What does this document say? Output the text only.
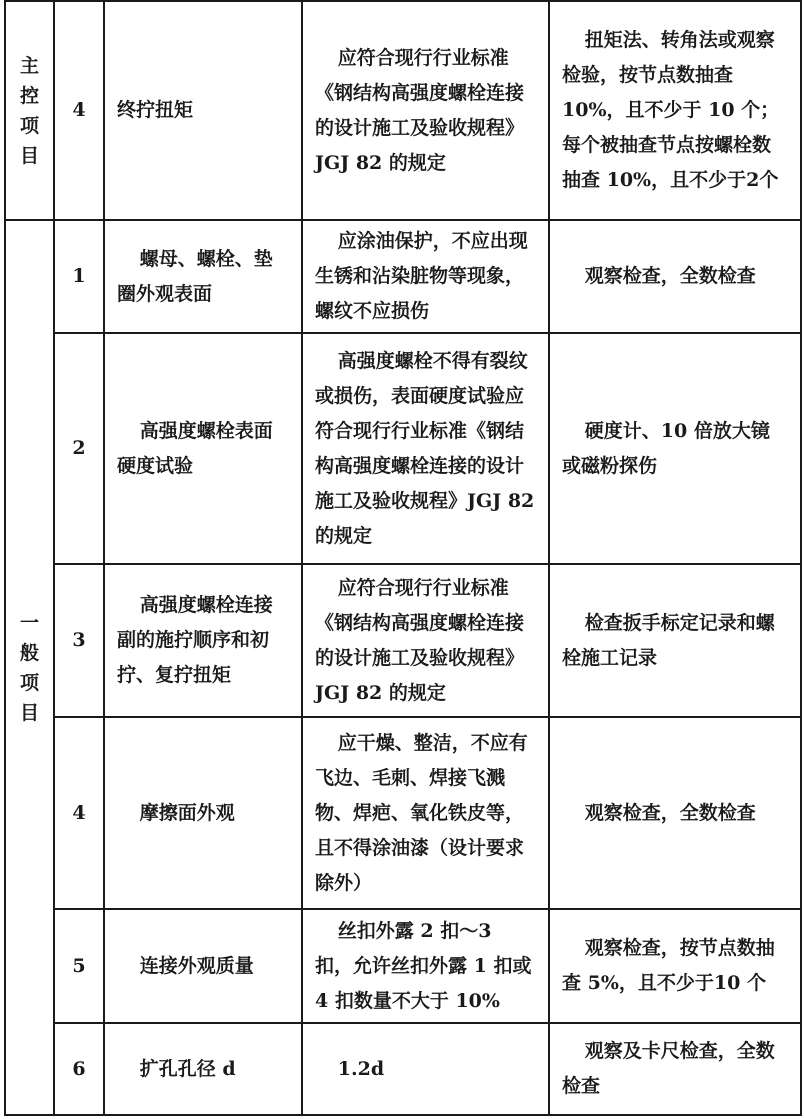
主控项目	4	终拧扭矩	应符合现行行业标准《钢结构高强度螺栓连接的设计施工及验收规程》JGJ 82 的规定	扭矩法、转角法或观察检验，按节点数抽查10%，且不少于 10 个；每个被抽查节点按螺栓数抽查 10%，且不少于2个

一般项目	1	螺母、螺栓、垫圈外观表面	应涂油保护，不应出现生锈和沾染脏物等现象，螺纹不应损伤	观察检查，全数检查

	2	高强度螺栓表面硬度试验	高强度螺栓不得有裂纹或损伤，表面硬度试验应符合现行行业标准《钢结构高强度螺栓连接的设计施工及验收规程》JGJ 82 的规定	硬度计、10 倍放大镜或磁粉探伤

	3	高强度螺栓连接副的施拧顺序和初拧、复拧扭矩	应符合现行行业标准《钢结构高强度螺栓连接的设计施工及验收规程》JGJ 82 的规定	检查扳手标定记录和螺栓施工记录

	4	摩擦面外观	应干燥、整洁，不应有飞边、毛刺、焊接飞溅物、焊疤、氧化铁皮等，且不得涂油漆（设计要求除外）	观察检查，全数检查

	5	连接外观质量	丝扣外露 2 扣～3 扣，允许丝扣外露 1 扣或 4 扣数量不大于 10%	观察检查，按节点数抽查 5%，且不少于10 个

	6	扩孔孔径 d	1.2d	观察及卡尺检查，全数检查
